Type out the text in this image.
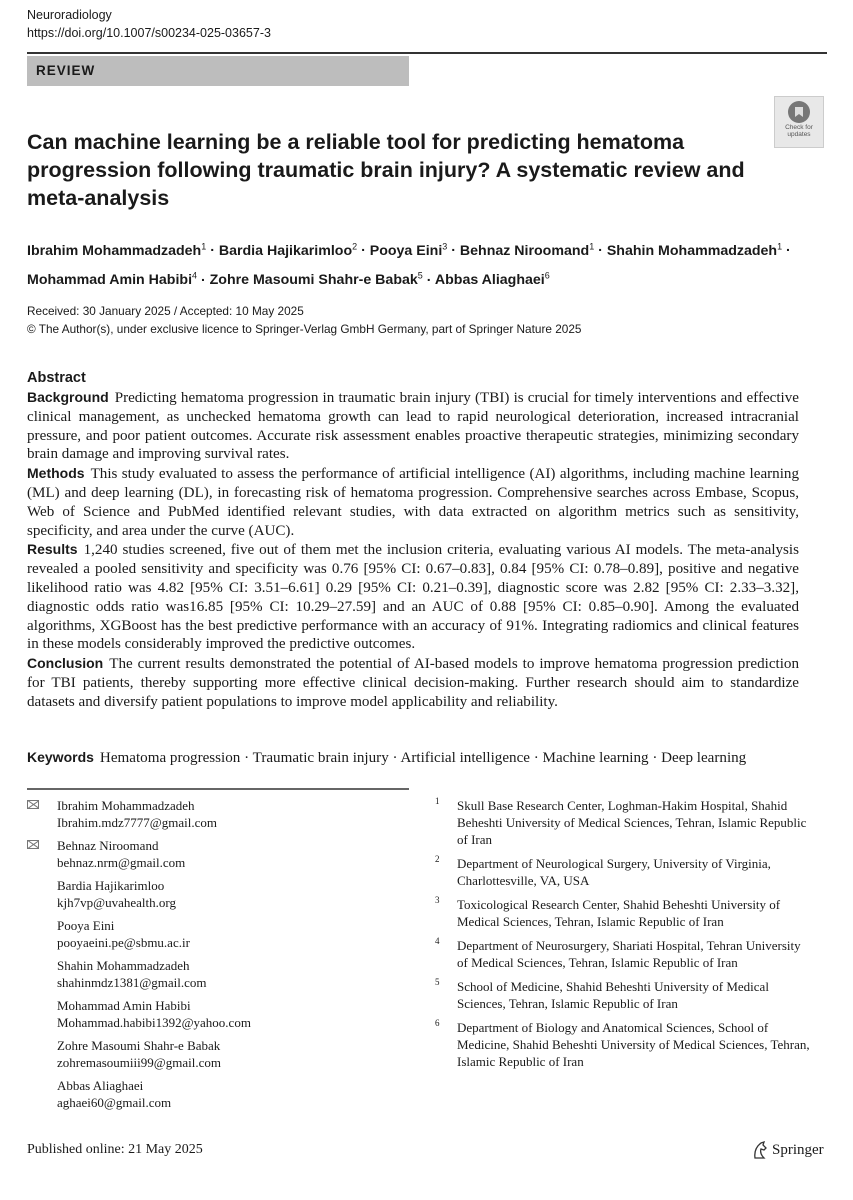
Neuroradiology
https://doi.org/10.1007/s00234-025-03657-3
REVIEW
Check for updates
Can machine learning be a reliable tool for predicting hematoma progression following traumatic brain injury? A systematic review and meta-analysis
Ibrahim Mohammadzadeh$^1$ · Bardia Hajikarimloo$^2$ · Pooya Eini$^3$ · Behnaz Niroomand$^1$ · Shahin Mohammadzadeh$^1$ ·
Mohammad Amin Habibi$^4$ · Zohre Masoumi Shahr-e Babak$^5$ · Abbas Aliaghaei$^6$
Received: 30 January 2025 / Accepted: 10 May 2025
© The Author(s), under exclusive licence to Springer-Verlag GmbH Germany, part of Springer Nature 2025
Abstract

Background Predicting hematoma progression in traumatic brain injury (TBI) is crucial for timely interventions and effective clinical management, as unchecked hematoma growth can lead to rapid neurological deterioration, increased intracranial pressure, and poor patient outcomes. Accurate risk assessment enables proactive therapeutic strategies, minimizing secondary brain damage and improving survival rates.

Methods This study evaluated to assess the performance of artificial intelligence (AI) algorithms, including machine learning (ML) and deep learning (DL), in forecasting risk of hematoma progression. Comprehensive searches across Embase, Scopus, Web of Science and PubMed identified relevant studies, with data extracted on algorithm metrics such as sensitivity, specificity, and area under the curve (AUC).

Results 1,240 studies screened, five out of them met the inclusion criteria, evaluating various AI models. The meta-analysis revealed a pooled sensitivity and specificity was 0.76 [95% CI: 0.67–0.83], 0.84 [95% CI: 0.78–0.89], positive and negative likelihood ratio was 4.82 [95% CI: 3.51–6.61] 0.29 [95% CI: 0.21–0.39], diagnostic score was 2.82 [95% CI: 2.33–3.32], diagnostic odds ratio was16.85 [95% CI: 10.29–27.59] and an AUC of 0.88 [95% CI: 0.85–0.90]. Among the evaluated algorithms, XGBoost has the best predictive performance with an accuracy of 91%. Integrating radiomics and clinical features in these models considerably improved the predictive outcomes.

Conclusion The current results demonstrated the potential of AI-based models to improve hematoma progression prediction for TBI patients, thereby supporting more effective clinical decision-making. Further research should aim to standardize datasets and diversify patient populations to improve model applicability and reliability.

Keywords Hematoma progression · Traumatic brain injury · Artificial intelligence · Machine learning · Deep learning
Ibrahim Mohammadzadeh
Ibrahim.mdz7777@gmail.com
Behnaz Niroomand
behnaz.nrm@gmail.com
Bardia Hajikarimloo
kjh7vp@uvahealth.org
Pooya Eini
pooyaeini.pe@sbmu.ac.ir
Shahin Mohammadzadeh
shahinmdz1381@gmail.com
Mohammad Amin Habibi
Mohammad.habibi1392@yahoo.com
Zohre Masoumi Shahr-e Babak
zohremasoumiii99@gmail.com
Abbas Aliaghaei
aghaei60@gmail.com
1 Skull Base Research Center, Loghman-Hakim Hospital, Shahid Beheshti University of Medical Sciences, Tehran, Islamic Republic of Iran
2 Department of Neurological Surgery, University of Virginia, Charlottesville, VA, USA
3 Toxicological Research Center, Shahid Beheshti University of Medical Sciences, Tehran, Islamic Republic of Iran
4 Department of Neurosurgery, Shariati Hospital, Tehran University of Medical Sciences, Tehran, Islamic Republic of Iran
5 School of Medicine, Shahid Beheshti University of Medical Sciences, Tehran, Islamic Republic of Iran
6 Department of Biology and Anatomical Sciences, School of Medicine, Shahid Beheshti University of Medical Sciences, Tehran, Islamic Republic of Iran
Published online: 21 May 2025	Springer
